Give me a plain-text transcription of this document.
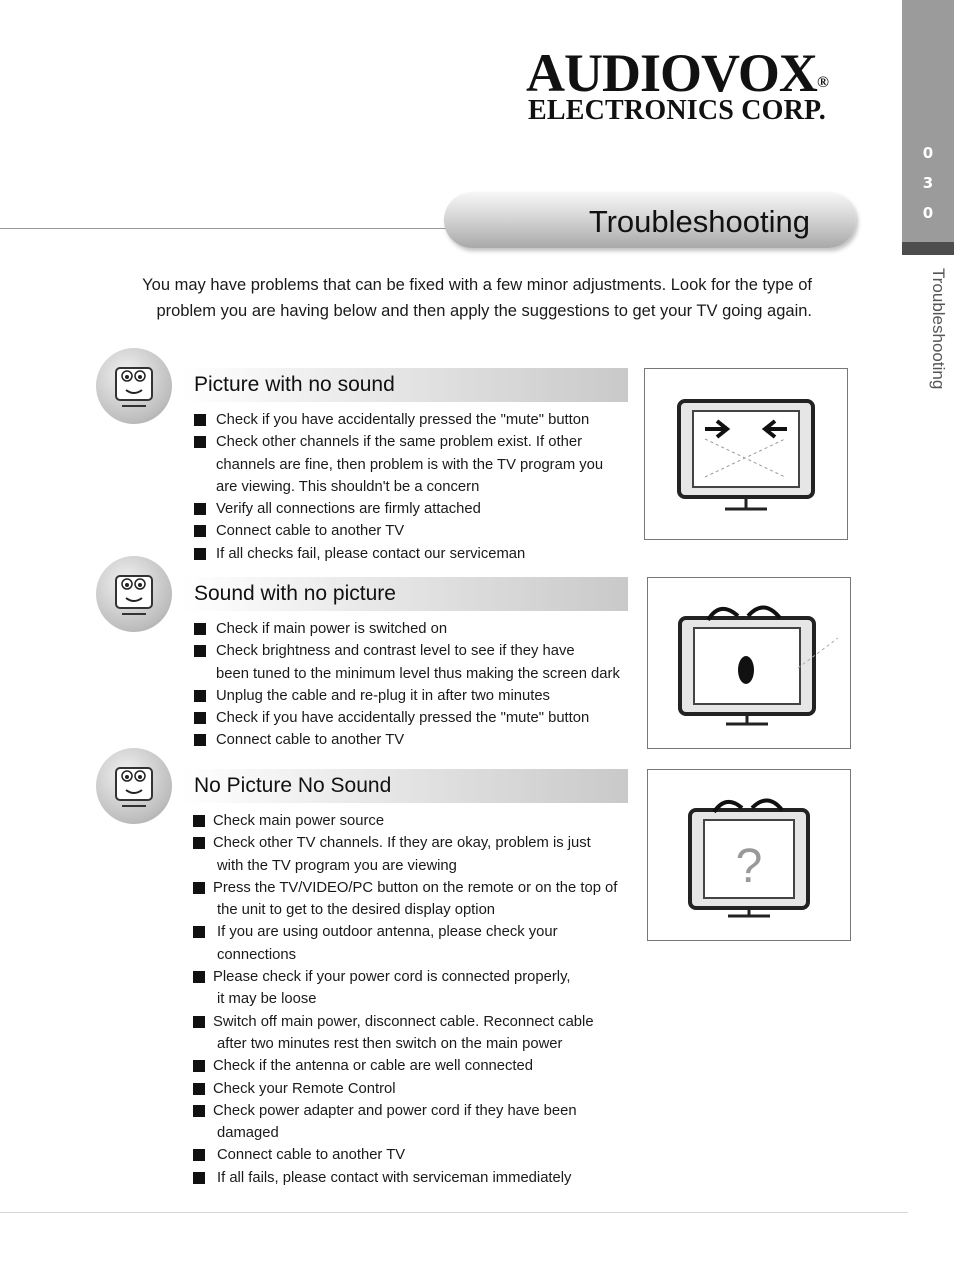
0
3
0
Troubleshooting
AUDIOVOX®
ELECTRONICS CORP.
Troubleshooting
You may have problems that can be fixed with a few minor adjustments. Look for the type of
problem you are having below and then apply the suggestions to get your TV going again.
Picture with no sound
Check if you have accidentally pressed the "mute" button
Check other channels if the same problem exist. If other
channels are fine, then problem is with the TV program you
are viewing. This shouldn't be a concern
Verify all connections are firmly attached
Connect cable to another TV
If all checks fail, please contact our serviceman
Sound with no picture
Check if main power is switched on
Check brightness and contrast level to see if they have
been tuned to the minimum level thus making the screen dark
Unplug the cable and re-plug it in after two minutes
Check if you have accidentally pressed the "mute" button
Connect cable to another TV
No Picture No Sound
Check main power source
Check other TV channels. If they are okay, problem is just
with the TV program you are viewing
Press the TV/VIDEO/PC button on the remote or on the top of
the unit to get to the desired display option
If you are using outdoor antenna, please check your
connections
Please check if your power cord is connected properly,
it may be loose
Switch off main power, disconnect cable. Reconnect cable
after two minutes rest then switch on the main power
Check if the antenna or cable are well connected
Check your Remote Control
Check power adapter and power cord if they have been
damaged
Connect cable to another TV
If all fails, please contact with serviceman immediately
?
